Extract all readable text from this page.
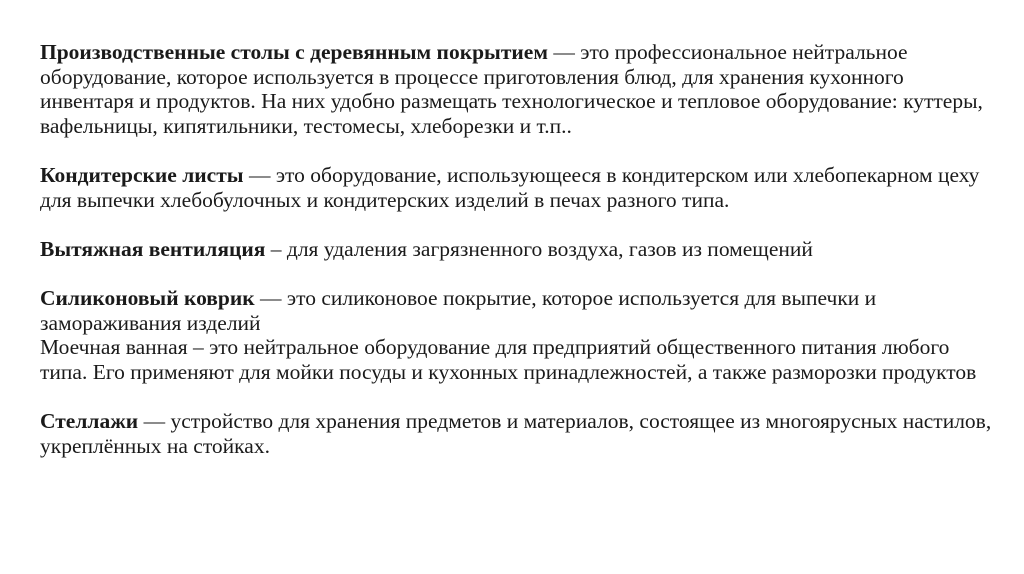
Производственные столы с деревянным покрытием — это профессиональное нейтральное оборудование, которое используется в процессе приготовления блюд, для хранения кухонного инвентаря и продуктов. На них удобно размещать технологическое и тепловое оборудование: куттеры, вафельницы, кипятильники, тестомесы, хлеборезки и т.п..

Кондитерские листы — это оборудование, использующееся в кондитерском или хлебопекарном цеху для выпечки хлебобулочных и кондитерских изделий в печах разного типа.

Вытяжная вентиляция – для удаления загрязненного воздуха, газов из помещений

Силиконовый коврик — это силиконовое покрытие, которое используется для выпечки и замораживания изделий

Моечная ванная – это нейтральное оборудование для предприятий общественного питания любого типа. Его применяют для мойки посуды и кухонных принадлежностей, а также разморозки продуктов

Стеллажи — устройство для хранения предметов и материалов, состоящее из многоярусных настилов, укреплённых на стойках.
